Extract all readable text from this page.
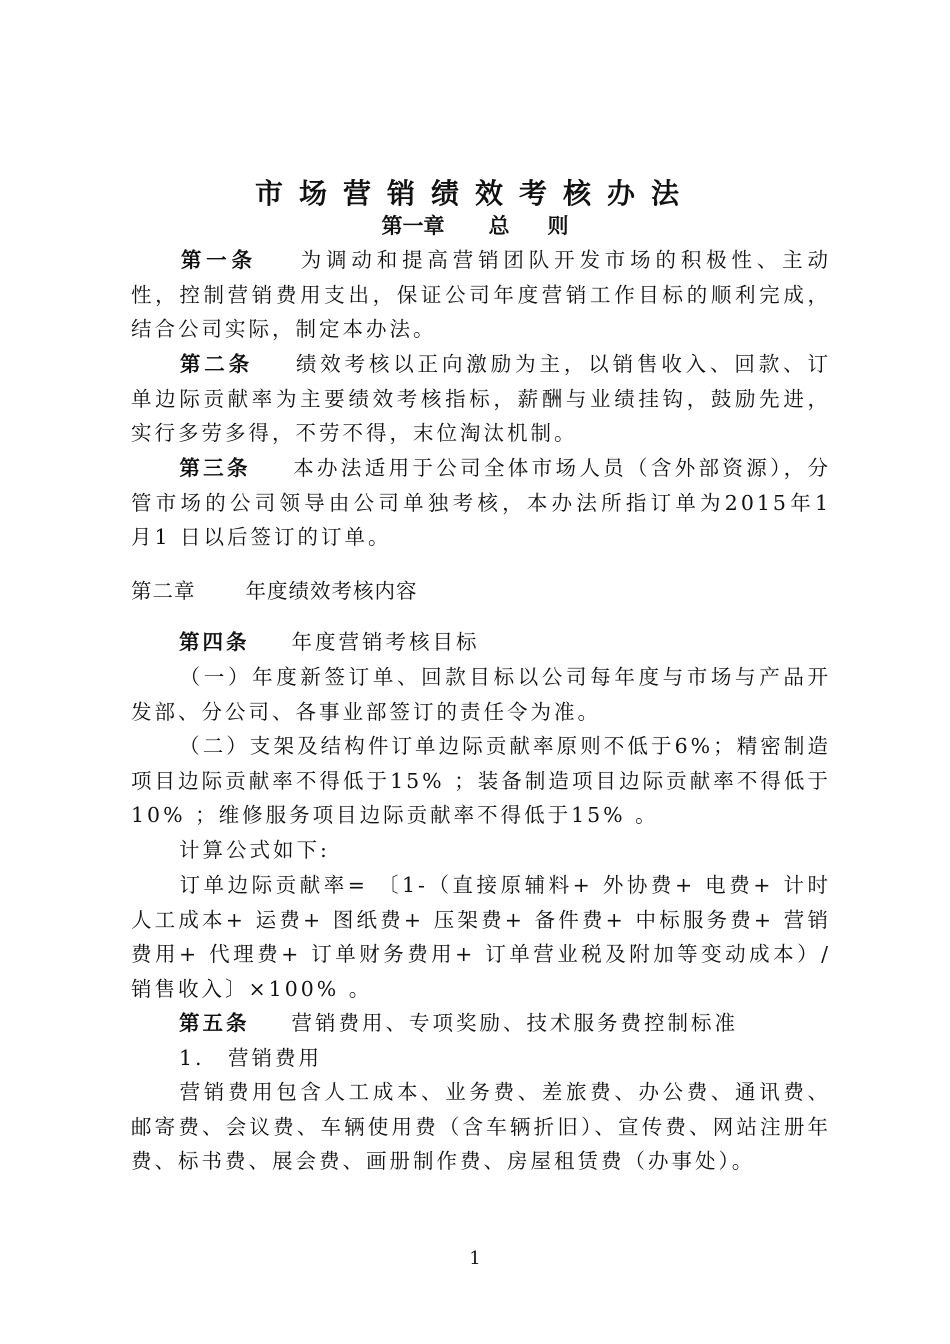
市场营销绩效考核办法
第一章 总 则
第一条 为调动和提高营销团队开发市场的积极性、主动性，控制营销费用支出，保证公司年度营销工作目标的顺利完成，结合公司实际，制定本办法。
第二条 绩效考核以正向激励为主，以销售收入、回款、订单边际贡献率为主要绩效考核指标，薪酬与业绩挂钩，鼓励先进，实行多劳多得，不劳不得，末位淘汰机制。
第三条 本办法适用于公司全体市场人员（含外部资源），分管市场的公司领导由公司单独考核，本办法所指订单为2015年1 月1 日以后签订的订单。
第二章 年度绩效考核内容
第四条 年度营销考核目标
（一）年度新签订单、回款目标以公司每年度与市场与产品开发部、分公司、各事业部签订的责任令为准。
（二）支架及结构件订单边际贡献率原则不低于6%；精密制造项目边际贡献率不得低于15% ；装备制造项目边际贡献率不得低于10% ；维修服务项目边际贡献率不得低于15% 。
计算公式如下:
订单边际贡献率= 〔1-（直接原辅料+ 外协费+ 电费+ 计时人工成本+ 运费+ 图纸费+ 压架费+ 备件费+ 中标服务费+ 营销费用+ 代理费+ 订单财务费用+ 订单营业税及附加等变动成本）/ 销售收入〕×100% 。
第五条 营销费用、专项奖励、技术服务费控制标准
1.　营销费用
营销费用包含人工成本、业务费、差旅费、办公费、通讯费、邮寄费、会议费、车辆使用费（含车辆折旧）、宣传费、网站注册年费、标书费、展会费、画册制作费、房屋租赁费（办事处）。
1
